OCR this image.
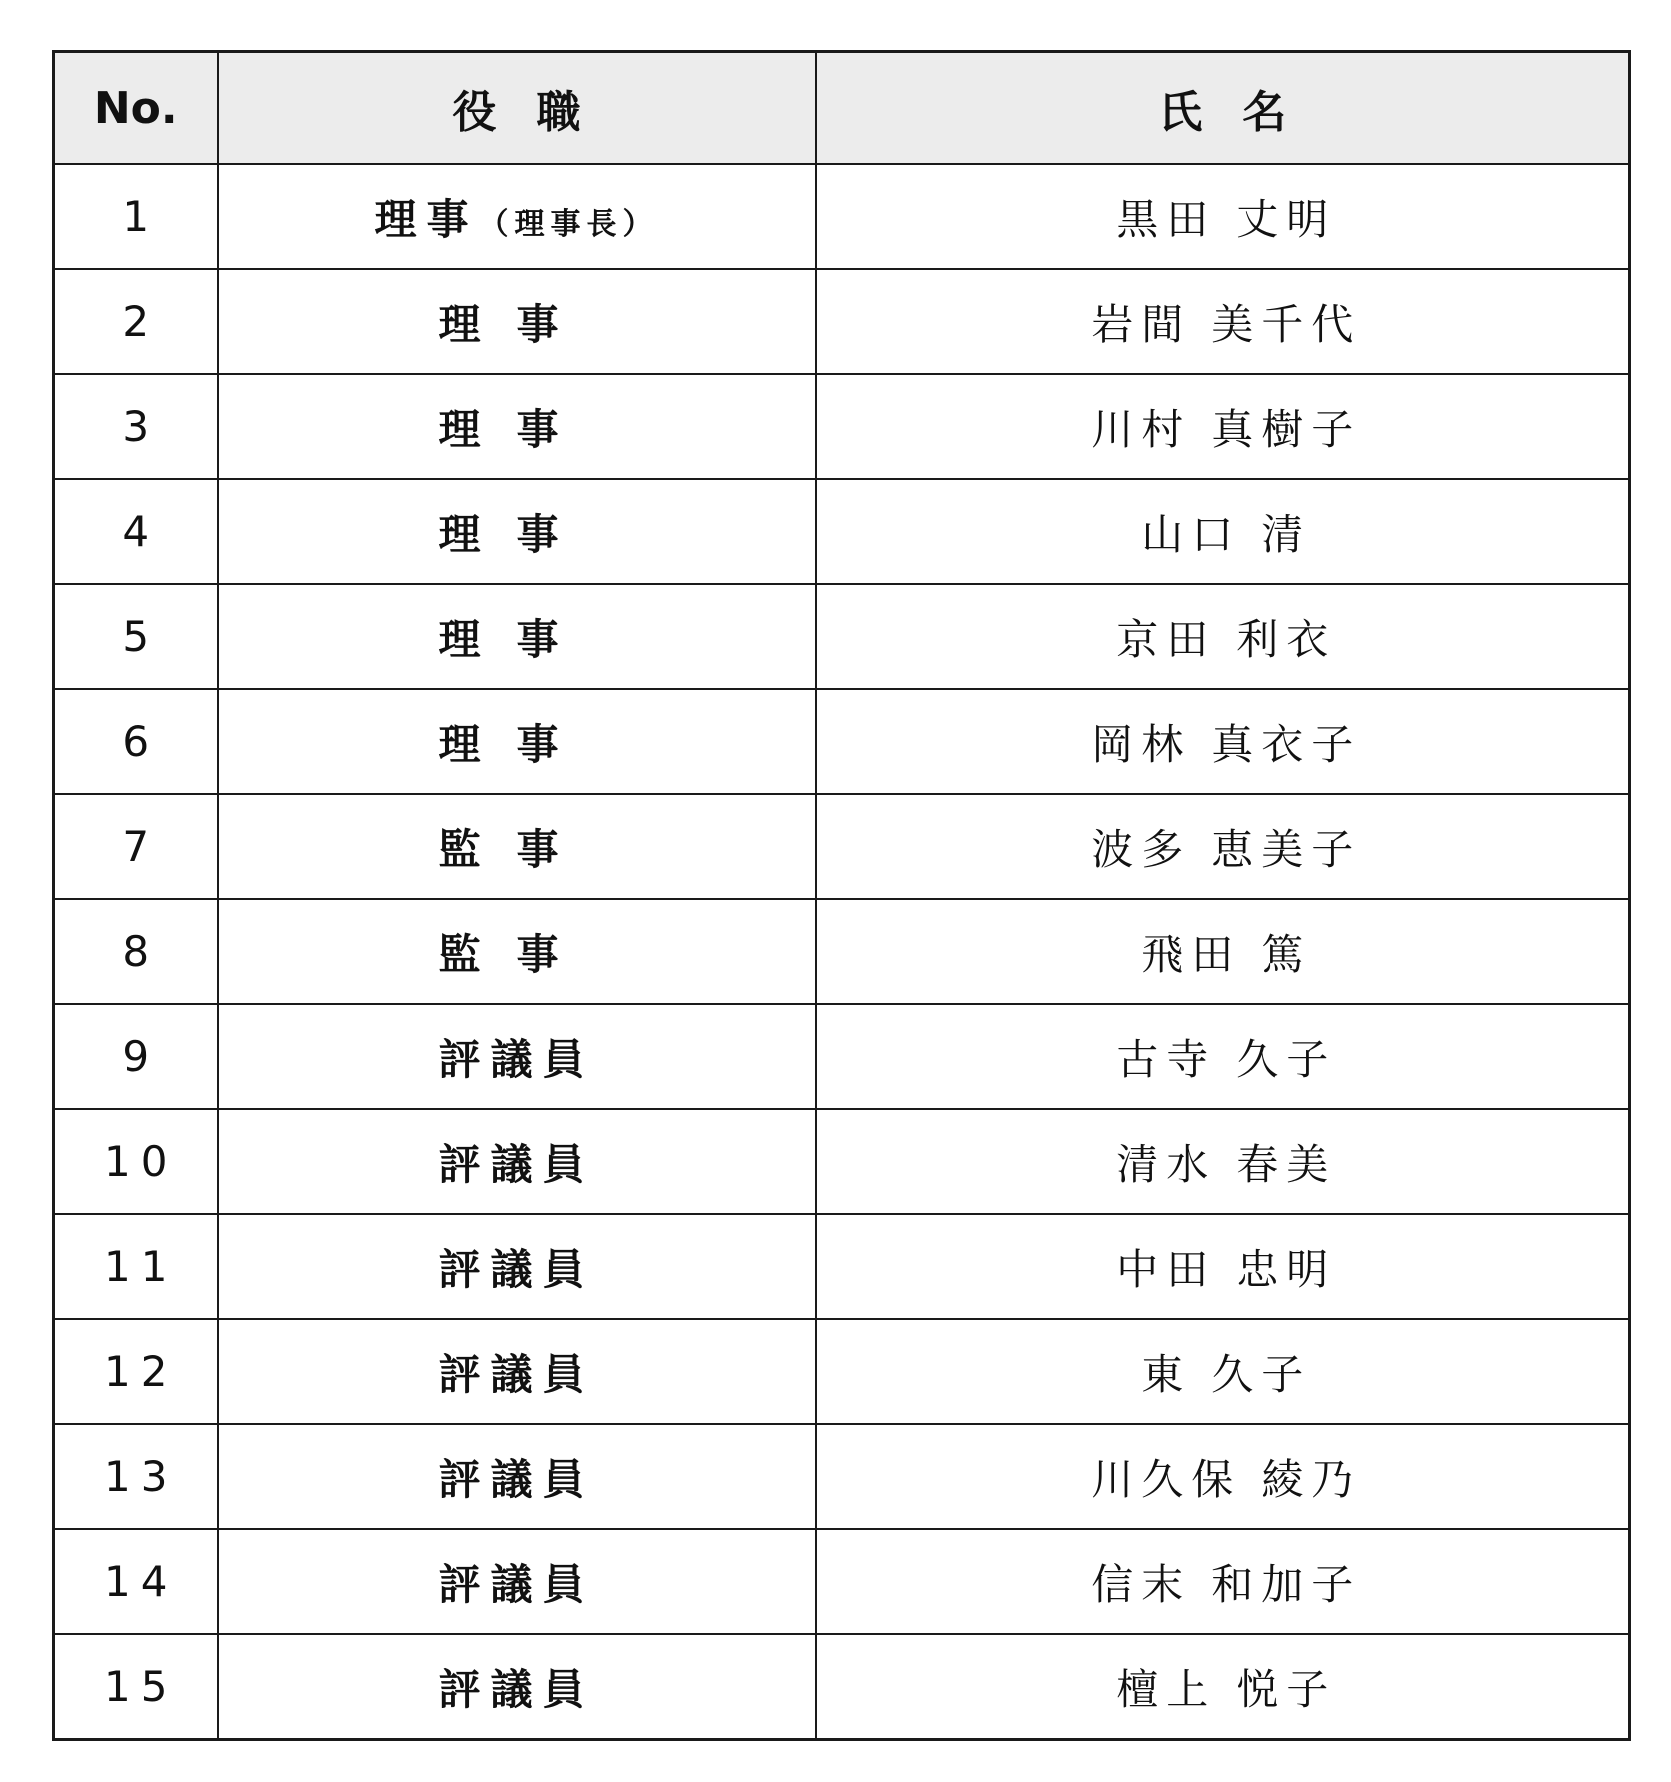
No.	役職	氏名
1	理事（理事長）	黒田 丈明
2	理事	岩間 美千代
3	理事	川村 真樹子
4	理事	山口 清
5	理事	京田 利衣
6	理事	岡林 真衣子
7	監事	波多 恵美子
8	監事	飛田 篤
9	評議員	古寺 久子
10	評議員	清水 春美
11	評議員	中田 忠明
12	評議員	東 久子
13	評議員	川久保 綾乃
14	評議員	信末 和加子
15	評議員	檀上 悦子
